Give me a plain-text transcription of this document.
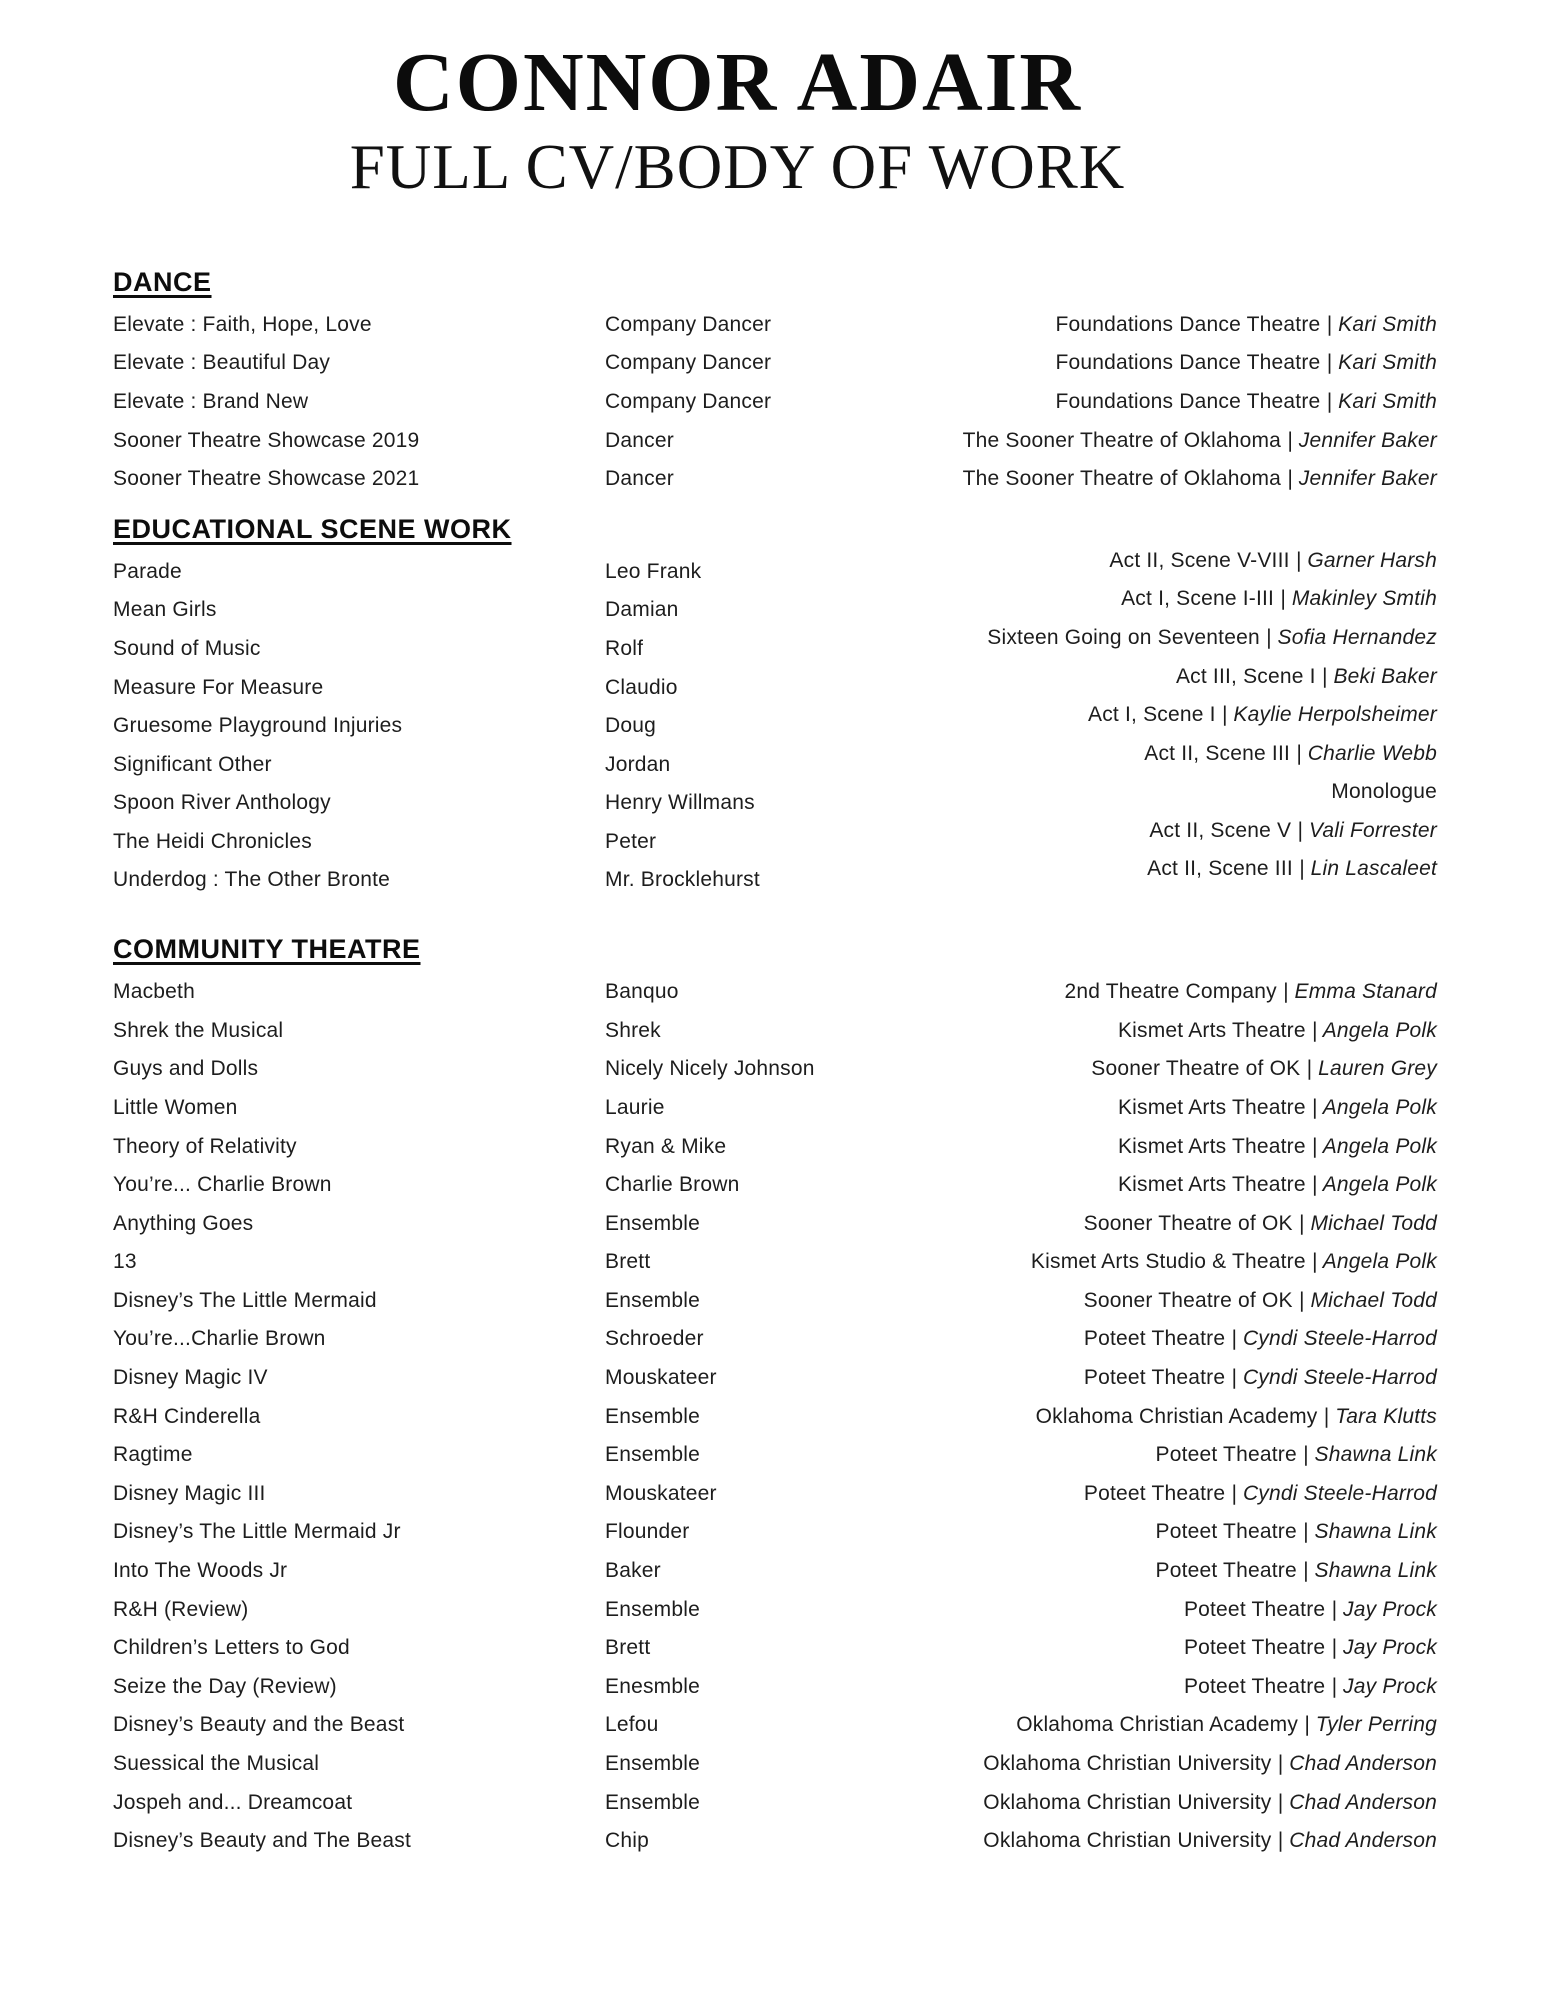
CONNOR ADAIR
FULL CV/BODY OF WORK
DANCE
Elevate : Faith, Hope, Love	Company Dancer	Foundations Dance Theatre | Kari Smith
Elevate : Beautiful Day	Company Dancer	Foundations Dance Theatre | Kari Smith
Elevate : Brand New	Company Dancer	Foundations Dance Theatre | Kari Smith
Sooner Theatre Showcase 2019	Dancer	The Sooner Theatre of Oklahoma | Jennifer Baker
Sooner Theatre Showcase 2021	Dancer	The Sooner Theatre of Oklahoma | Jennifer Baker
EDUCATIONAL SCENE WORK
Parade	Leo Frank	Act II, Scene V-VIII | Garner Harsh
Mean Girls	Damian	Act I, Scene I-III | Makinley Smtih
Sound of Music	Rolf	Sixteen Going on Seventeen | Sofia Hernandez
Measure For Measure	Claudio	Act III, Scene I | Beki Baker
Gruesome Playground Injuries	Doug	Act I, Scene I | Kaylie Herpolsheimer
Significant Other	Jordan	Act II, Scene III | Charlie Webb
Spoon River Anthology	Henry Willmans	Monologue
The Heidi Chronicles	Peter	Act II, Scene V | Vali Forrester
Underdog : The Other Bronte	Mr. Brocklehurst	Act II, Scene III | Lin Lascaleet
COMMUNITY THEATRE
Macbeth	Banquo	2nd Theatre Company | Emma Stanard
Shrek the Musical	Shrek	Kismet Arts Theatre | Angela Polk
Guys and Dolls	Nicely Nicely Johnson	Sooner Theatre of OK | Lauren Grey
Little Women	Laurie	Kismet Arts Theatre | Angela Polk
Theory of Relativity	Ryan & Mike	Kismet Arts Theatre | Angela Polk
You’re... Charlie Brown	Charlie Brown	Kismet Arts Theatre | Angela Polk
Anything Goes	Ensemble	Sooner Theatre of OK | Michael Todd
13	Brett	Kismet Arts Studio & Theatre | Angela Polk
Disney’s The Little Mermaid	Ensemble	Sooner Theatre of OK | Michael Todd
You’re...Charlie Brown	Schroeder	Poteet Theatre | Cyndi Steele-Harrod
Disney Magic IV	Mouskateer	Poteet Theatre | Cyndi Steele-Harrod
R&H Cinderella	Ensemble	Oklahoma Christian Academy | Tara Klutts
Ragtime	Ensemble	Poteet Theatre | Shawna Link
Disney Magic III	Mouskateer	Poteet Theatre | Cyndi Steele-Harrod
Disney’s The Little Mermaid Jr	Flounder	Poteet Theatre | Shawna Link
Into The Woods Jr	Baker	Poteet Theatre | Shawna Link
R&H (Review)	Ensemble	Poteet Theatre | Jay Prock
Children’s Letters to God	Brett	Poteet Theatre | Jay Prock
Seize the Day (Review)	Enesmble	Poteet Theatre | Jay Prock
Disney’s Beauty and the Beast	Lefou	Oklahoma Christian Academy | Tyler Perring
Suessical the Musical	Ensemble	Oklahoma Christian University | Chad Anderson
Jospeh and... Dreamcoat	Ensemble	Oklahoma Christian University | Chad Anderson
Disney’s Beauty and The Beast	Chip	Oklahoma Christian University | Chad Anderson
